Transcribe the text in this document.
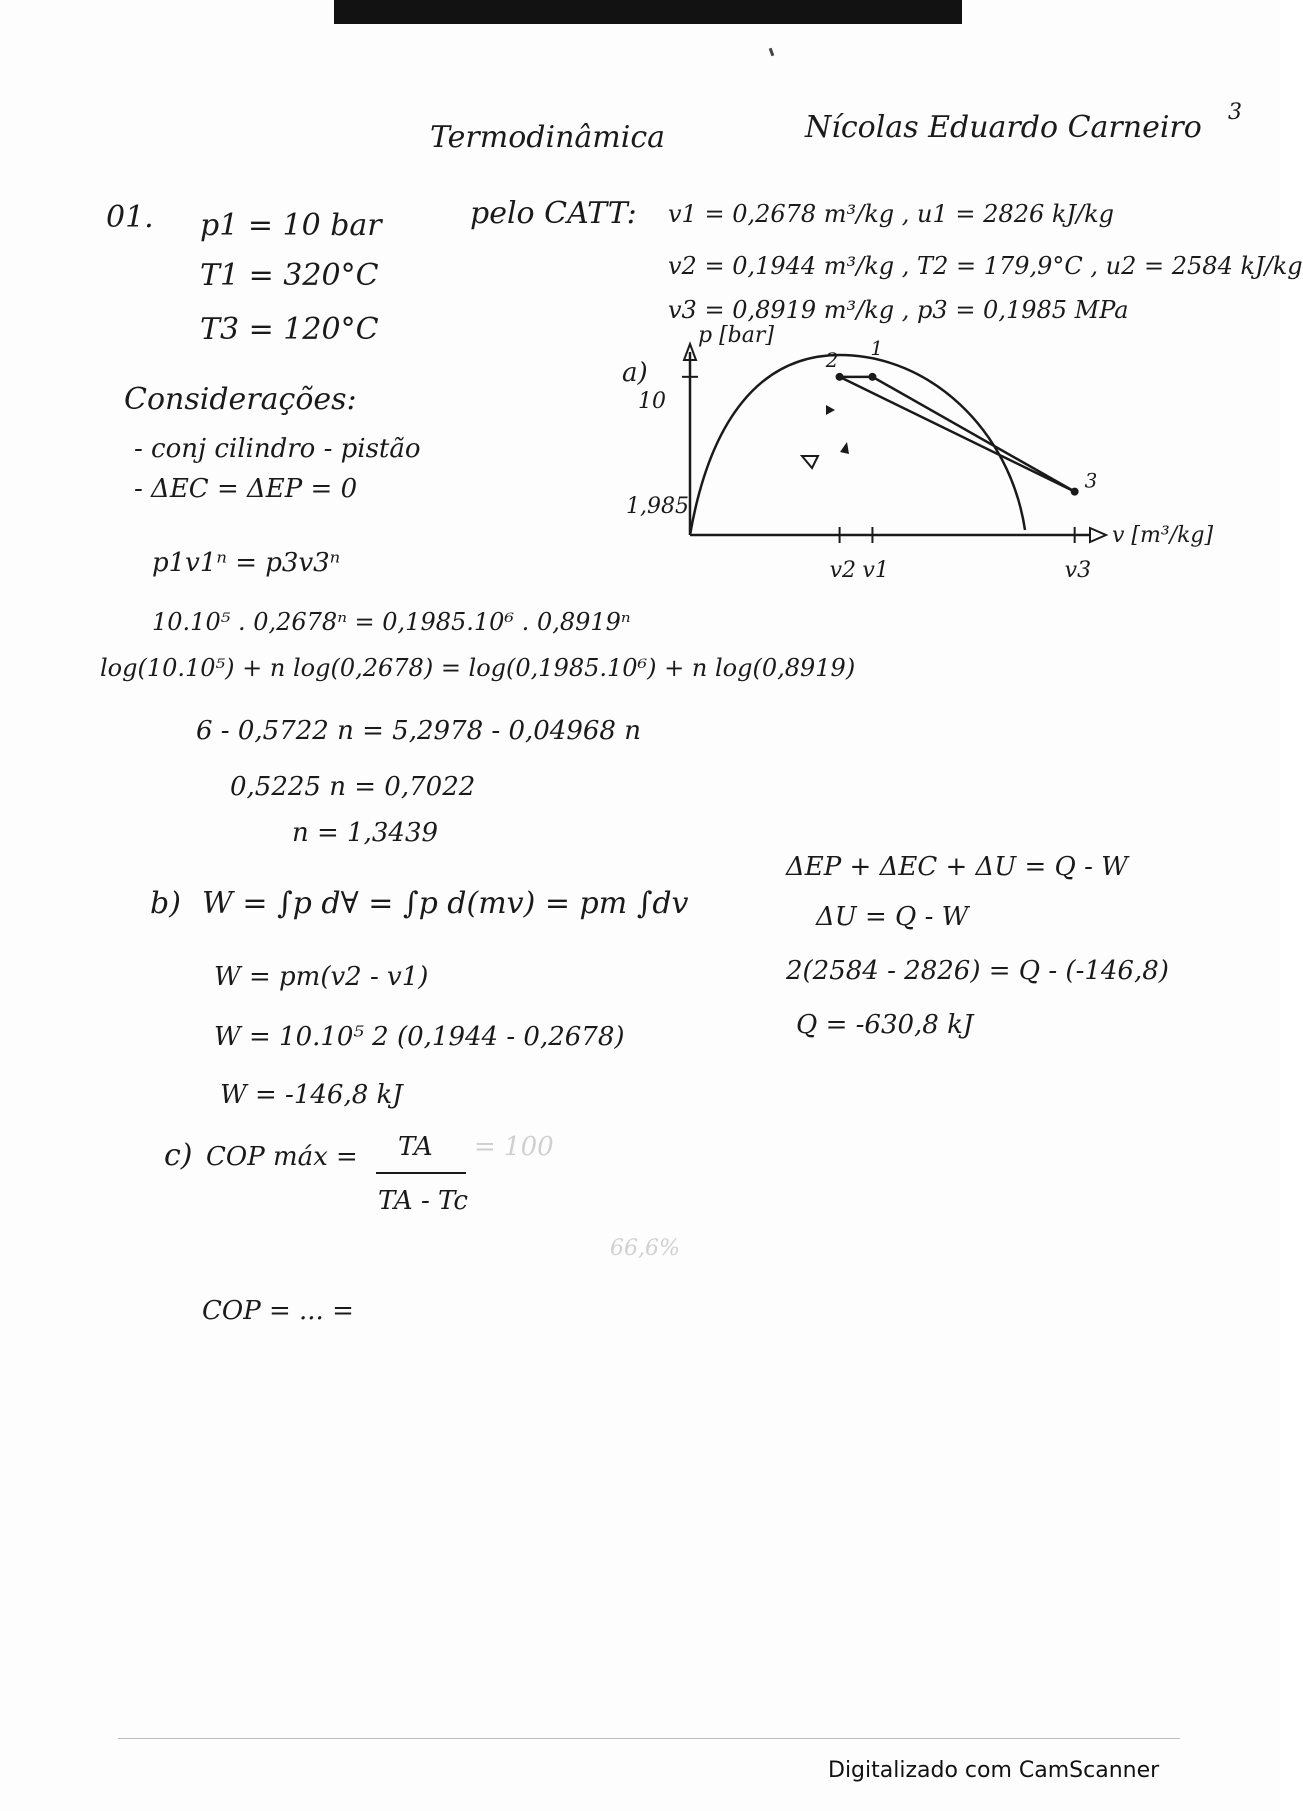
Termodinâmica	Nícolas Eduardo Carneiro 3
01. p1 = 10 bar
T1 = 320°C
T3 = 120°C
pelo CATT: v1 = 0,2678 m³/kg , u1 = 2826 kJ/kg
v2 = 0,1944 m³/kg , T2 = 179,9°C , u2 = 2584 kJ/kg
v3 = 0,8919 m³/kg , p3 = 0,1985 MPa
Considerações:
- conj cilindro - pistão
- ΔEC = ΔEP = 0
a)
p [bar]
v [m³/kg]
2 1
3
10
1,985
v2 v1	v3
p1v1ⁿ = p3v3ⁿ
10.10⁵ . 0,2678ⁿ = 0,1985.10⁶ . 0,8919ⁿ
log(10.10⁵) + n log(0,2678) = log(0,1985.10⁶) + n log(0,8919)
6 - 0,5722 n = 5,2978 - 0,04968 n
0,5225 n = 0,7022
n = 1,3439
b) W = ∫p d∀ = ∫p d(mv) = pm ∫dv
W = pm(v2 - v1)
W = 10.10⁵ 2 (0,1944 - 0,2678)
W = -146,8 kJ
ΔEP + ΔEC + ΔU = Q - W
ΔU = Q - W
2(2584 - 2826) = Q - (-146,8)
Q = -630,8 kJ
c) COP máx = TA
TA - Tc
= 100
66,6%
COP = ... =
Digitalizado com CamScanner
